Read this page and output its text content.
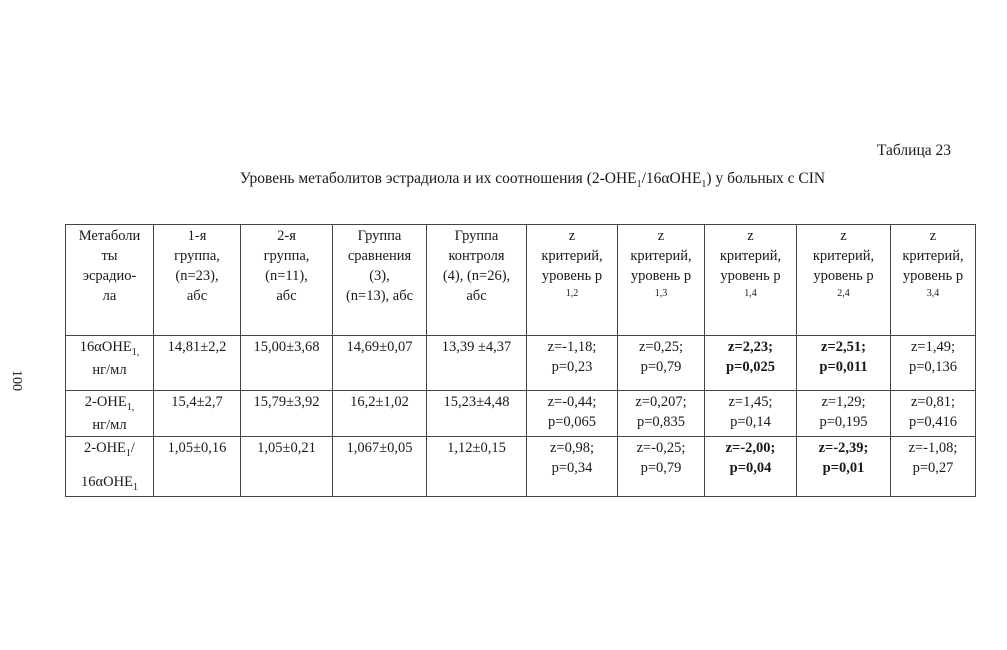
100
Таблица 23
Уровень метаболитов эстрадиола и их соотношения $(2-ОНЕ_1/16\alpha ОНЕ_1)$ у больных с CIN
Метаболи
ты
эсрадио-
ла	1-я
группа,
(n=23),
абс	2-я
группа,
(n=11),
абс	Группа
сравнения
(3),
(n=13), абс	Группа
контроля
(4), (n=26),
абс	z
критерий,
уровень р
1,2	z
критерий,
уровень р
1,3	z
критерий,
уровень р
1,4	z
критерий,
уровень р
2,4	z
критерий,
уровень р
3,4

16αОНЕ$_{1,}$
нг/мл	14,81±2,2	15,00±3,68	14,69±0,07	13,39 ±4,37	z=-1,18;
p=0,23	z=0,25;
p=0,79	z=2,23;
p=0,025	z=2,51;
p=0,011	z=1,49;
p=0,136

$2-ОНЕ_{1,}$
нг/мл	15,4±2,7	15,79±3,92	16,2±1,02	15,23±4,48	z=-0,44;
p=0,065	z=0,207;
p=0,835	z=1,45;
p=0,14	z=1,29;
p=0,195	z=0,81;
p=0,416

$2-ОНЕ_1/$
16αОНЕ$_1$	1,05±0,16	1,05±0,21	1,067±0,05	1,12±0,15	z=0,98;
p=0,34	z=-0,25;
p=0,79	z=-2,00;
p=0,04	z=-2,39;
p=0,01	z=-1,08;
p=0,27
